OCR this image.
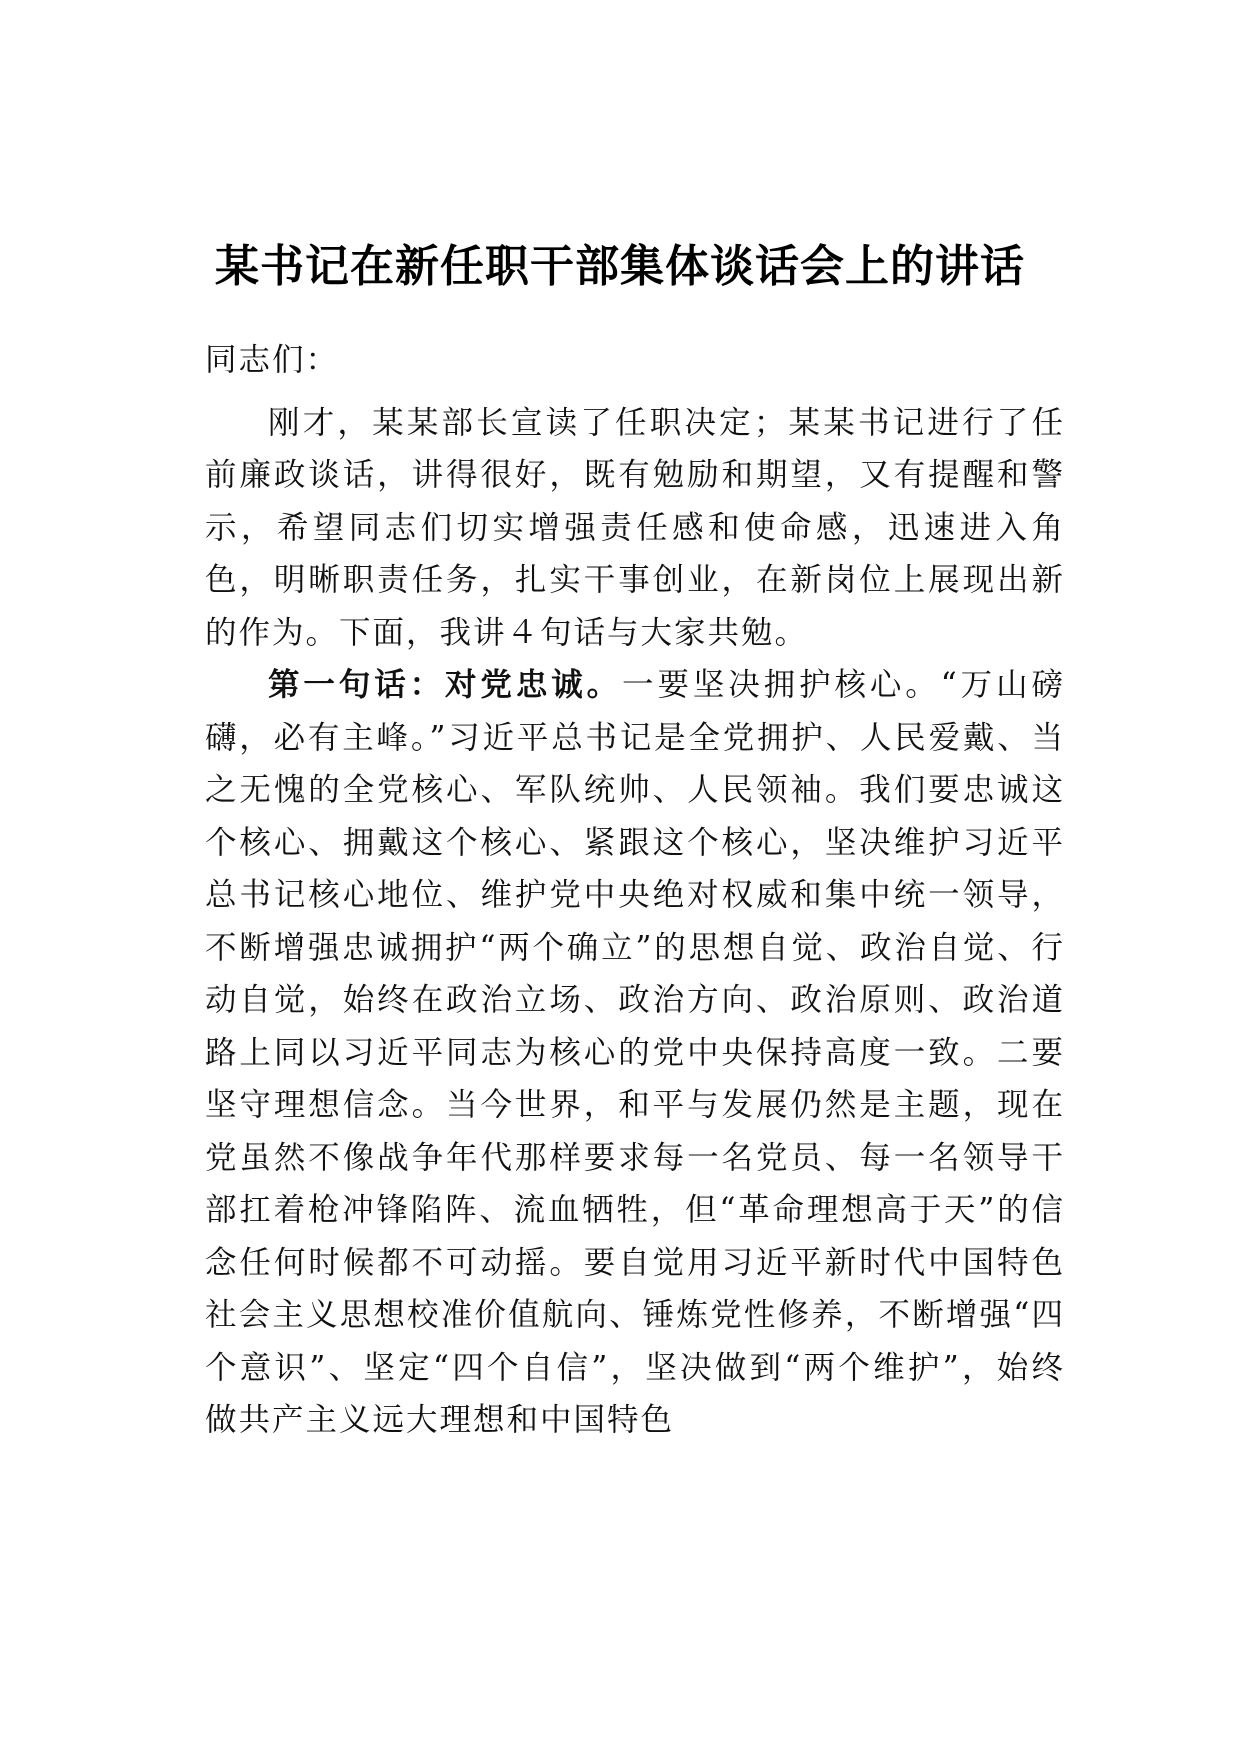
某书记在新任职干部集体谈话会上的讲话

同志们：

刚才，某某部长宣读了任职决定；某某书记进行了任前廉政谈话，讲得很好，既有勉励和期望，又有提醒和警示，希望同志们切实增强责任感和使命感，迅速进入角色，明晰职责任务，扎实干事创业，在新岗位上展现出新的作为。下面，我讲４句话与大家共勉。

第一句话：对党忠诚。一要坚决拥护核心。“万山磅礴，必有主峰。”习近平总书记是全党拥护、人民爱戴、当之无愧的全党核心、军队统帅、人民领袖。我们要忠诚这个核心、拥戴这个核心、紧跟这个核心，坚决维护习近平总书记核心地位、维护党中央绝对权威和集中统一领导，不断增强忠诚拥护“两个确立”的思想自觉、政治自觉、行动自觉，始终在政治立场、政治方向、政治原则、政治道路上同以习近平同志为核心的党中央保持高度一致。二要坚守理想信念。当今世界，和平与发展仍然是主题，现在党虽然不像战争年代那样要求每一名党员、每一名领导干部扛着枪冲锋陷阵、流血牺牲，但“革命理想高于天”的信念任何时候都不可动摇。要自觉用习近平新时代中国特色社会主义思想校准价值航向、锤炼党性修养，不断增强“四个意识”、坚定“四个自信”，坚决做到“两个维护”，始终做共产主义远大理想和中国特色
